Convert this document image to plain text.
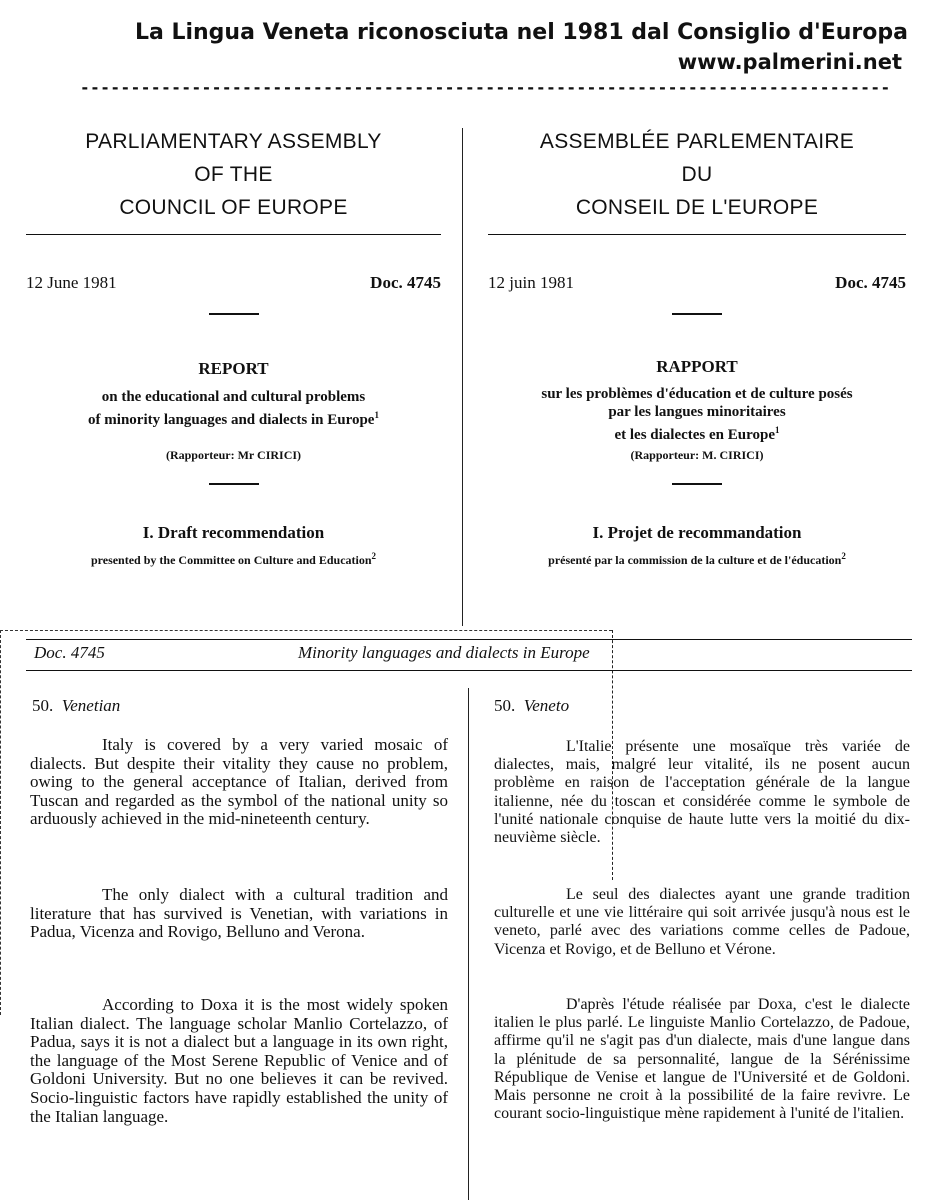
La Lingua Veneta riconosciuta nel 1981 dal Consiglio d'Europa
www.palmerini.net
--------------------------------------------------------------------------------
PARLIAMENTARY ASSEMBLY
OF THE
COUNCIL OF EUROPE
12 June 1981	Doc. 4745
REPORT
on the educational and cultural problems
of minority languages and dialects in Europe$^1$
(Rapporteur: Mr CIRICI)
I. Draft recommendation
presented by the Committee on Culture and Education$^2$
ASSEMBLÉE PARLEMENTAIRE
DU
CONSEIL DE L'EUROPE
12 juin 1981	Doc. 4745
RAPPORT
sur les problèmes d'éducation et de culture posés
par les langues minoritaires
et les dialectes en Europe$^1$
(Rapporteur: M. CIRICI)
I. Projet de recommandation
présenté par la commission de la culture et de l'éducation$^2$
Doc. 4745	Minority languages and dialects in Europe
50. Venetian

Italy is covered by a very varied mosaic of dialects. But despite their vitality they cause no problem, owing to the general acceptance of Italian, derived from Tuscan and regarded as the symbol of the national unity so arduously achieved in the mid-nineteenth century.

The only dialect with a cultural tradition and literature that has survived is Venetian, with variations in Padua, Vicenza and Rovigo, Belluno and Verona.

According to Doxa it is the most widely spoken Italian dialect. The language scholar Manlio Cortelazzo, of Padua, says it is not a dialect but a language in its own right, the language of the Most Serene Republic of Venice and of Goldoni University. But no one believes it can be revived. Socio-linguistic factors have rapidly established the unity of the Italian language.

50. Veneto

L'Italie présente une mosaïque très variée de dialectes, mais, malgré leur vitalité, ils ne posent aucun problème en raison de l'acceptation générale de la langue italienne, née du toscan et considérée comme le symbole de l'unité nationale conquise de haute lutte vers la moitié du dix-neuvième siècle.

Le seul des dialectes ayant une grande tradition culturelle et une vie littéraire qui soit arrivée jusqu'à nous est le veneto, parlé avec des variations comme celles de Padoue, Vicenza et Rovigo, et de Belluno et Vérone.

D'après l'étude réalisée par Doxa, c'est le dialecte italien le plus parlé. Le linguiste Manlio Cortelazzo, de Padoue, affirme qu'il ne s'agit pas d'un dialecte, mais d'une langue dans la plénitude de sa personnalité, langue de la Sérénissime République de Venise et langue de l'Université et de Goldoni. Mais personne ne croit à la possibilité de la faire revivre. Le courant socio-linguistique mène rapidement à l'unité de l'italien.
